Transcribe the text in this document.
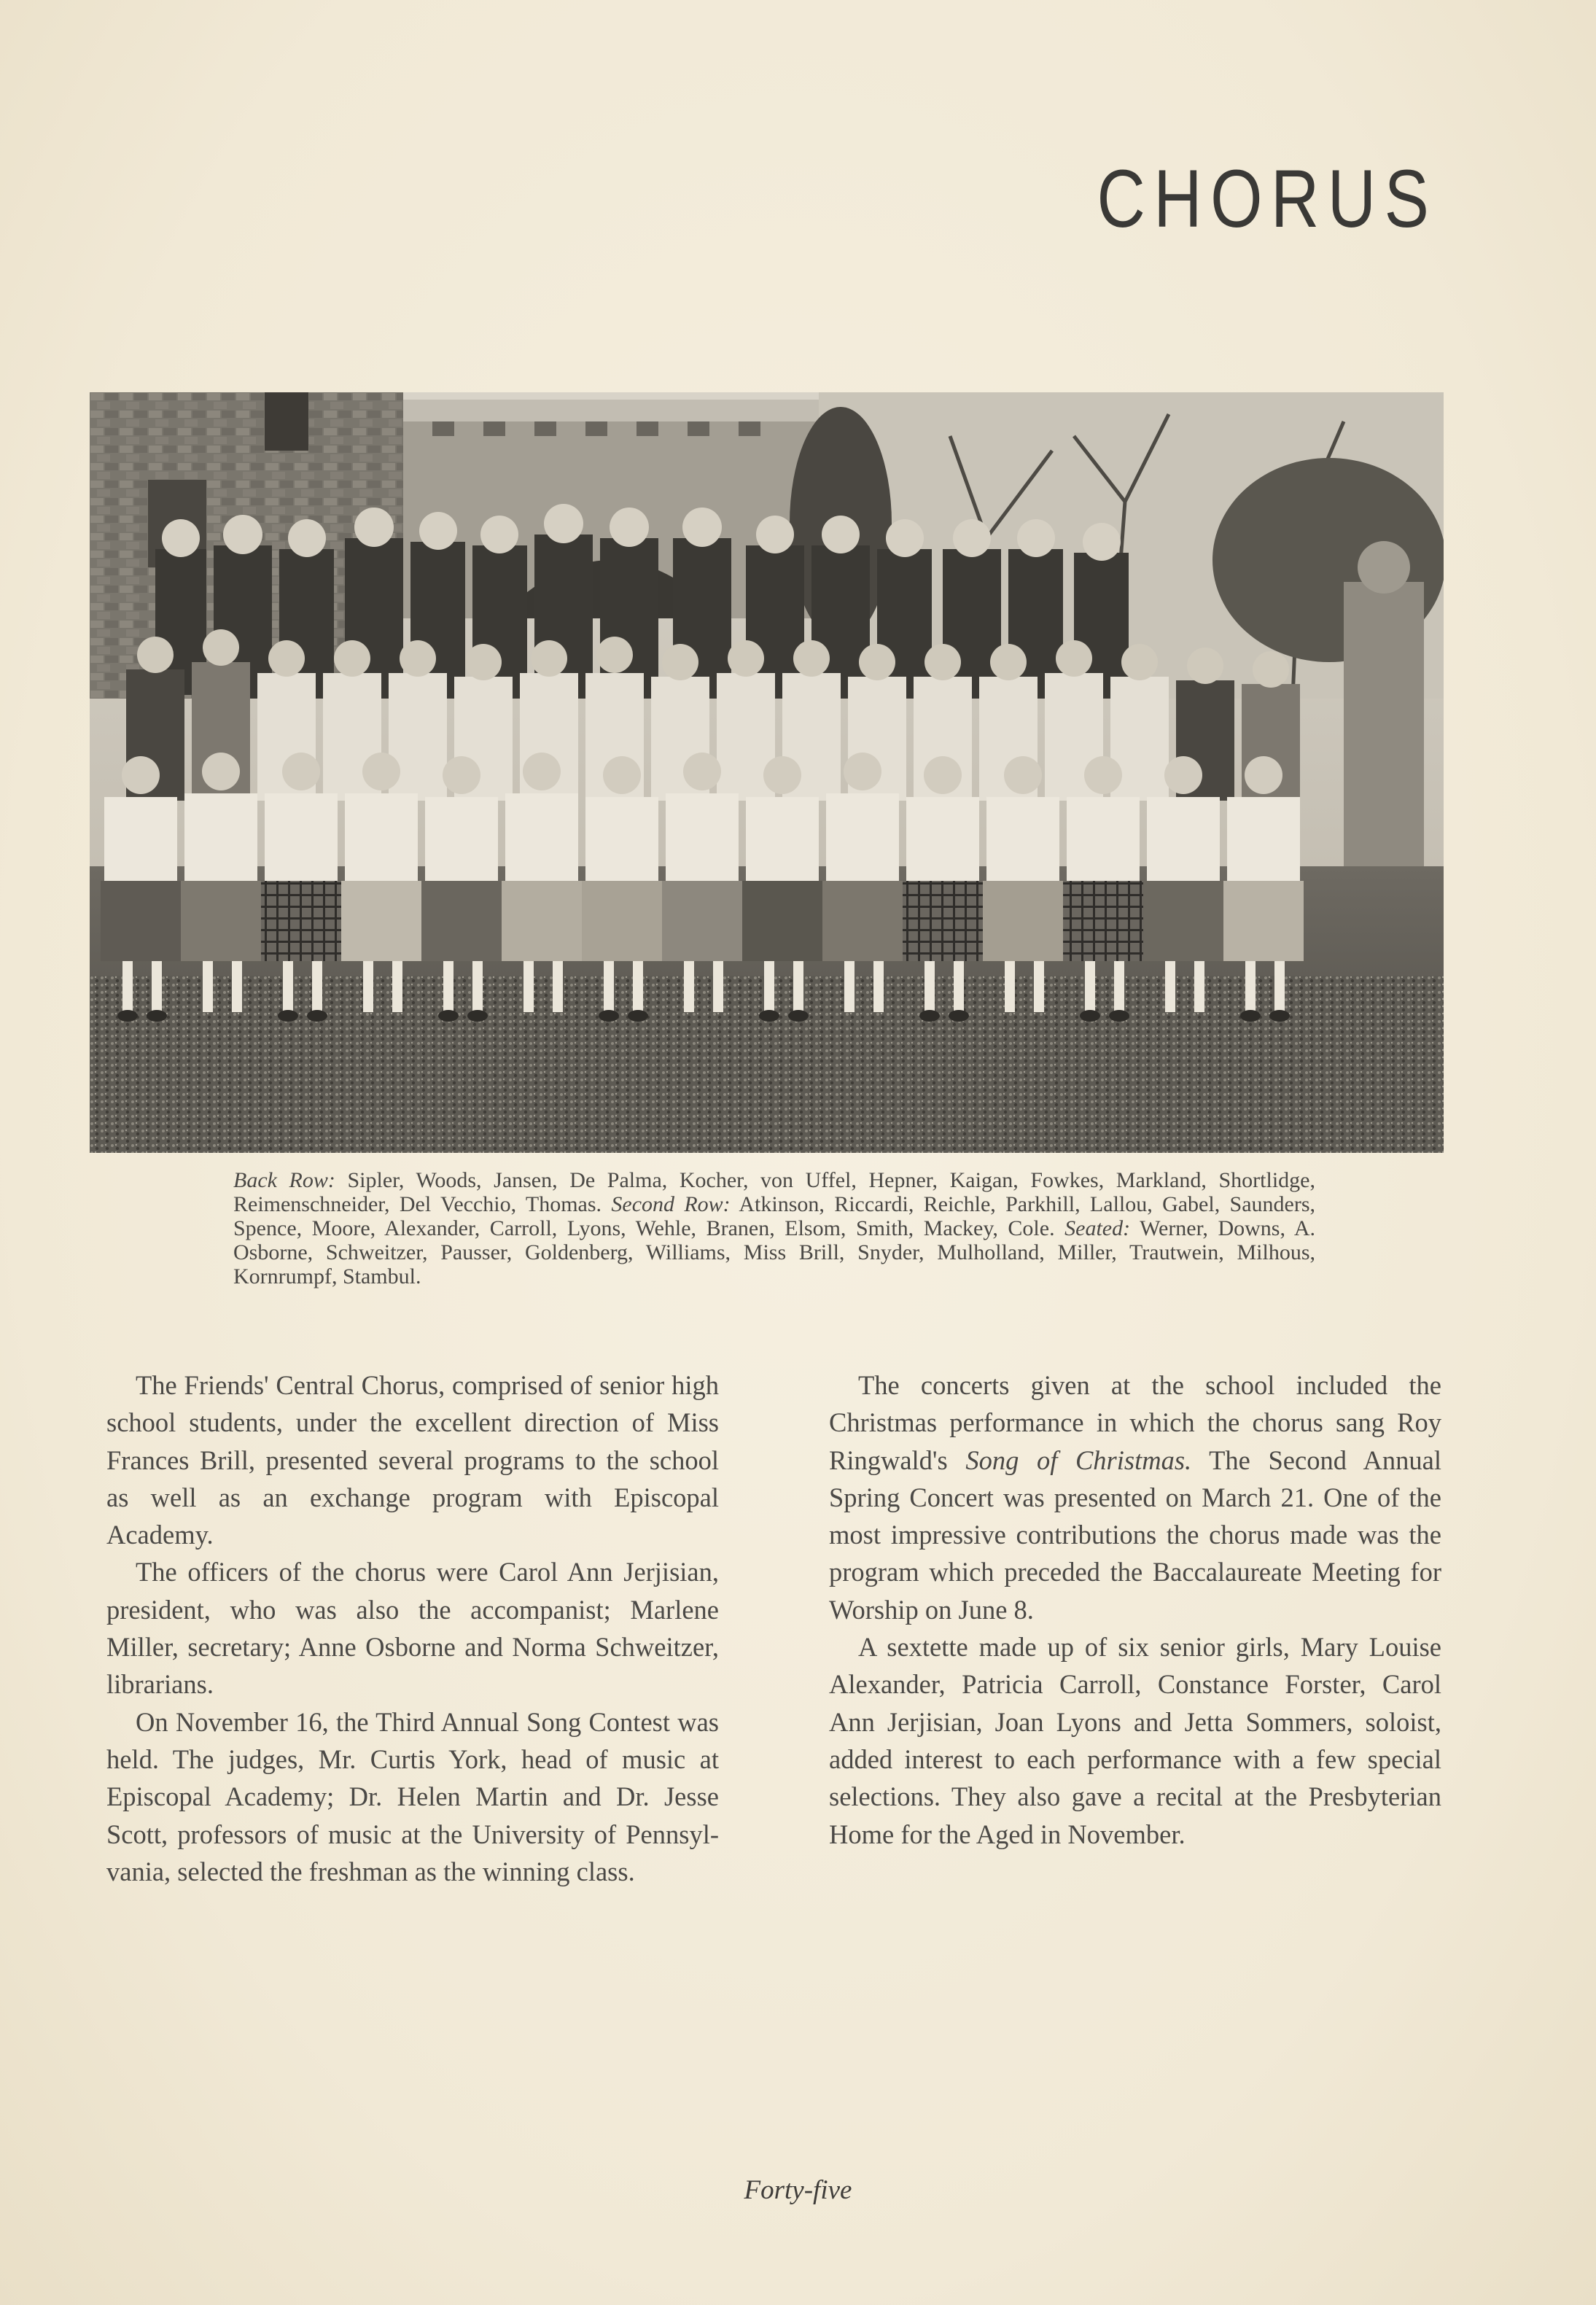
CHORUS
Back Row: Sipler, Woods, Jansen, De Palma, Kocher, von Uffel, Hepner, Kaigan, Fowkes, Markland, Shortlidge, Reimenschneider, Del Vecchio, Thomas. Second Row: Atkinson, Riccardi, Reichle, Parkhill, Lallou, Gabel, Saunders, Spence, Moore, Alexander, Carroll, Lyons, Wehle, Branen, Elsom, Smith, Mackey, Cole. Seated: Werner, Downs, A. Osborne, Schweitzer, Pausser, Goldenberg, Williams, Miss Brill, Snyder, Mulholland, Miller, Trautwein, Milhous, Kornrumpf, Stambul.

The Friends' Central Chorus, comprised of senior high school students, under the excellent direction of Miss Frances Brill, presented several programs to the school as well as an exchange program with Episcopal Academy.

The officers of the chorus were Carol Ann Jerjisian, president, who was also the accompanist; Marlene Miller, secretary; Anne Osborne and Norma Schweitzer, librarians.

On November 16, the Third Annual Song Contest was held. The judges, Mr. Curtis York, head of music at Episcopal Academy; Dr. Helen Martin and Dr. Jesse Scott, professors of music at the University of Pennsylvania, selected the freshman as the winning class.

The concerts given at the school included the Christmas performance in which the chorus sang Roy Ringwald's Song of Christmas. The Second Annual Spring Concert was presented on March 21. One of the most impressive contributions the chorus made was the program which preceded the Baccalaureate Meeting for Worship on June 8.

A sextette made up of six senior girls, Mary Louise Alexander, Patricia Carroll, Constance Forster, Carol Ann Jerjisian, Joan Lyons and Jetta Sommers, soloist, added interest to each performance with a few special selections. They also gave a recital at the Presbyterian Home for the Aged in November.

Forty-five
